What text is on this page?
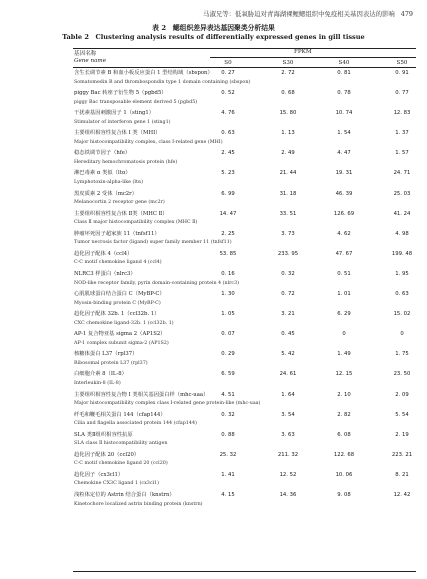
马淑兄等：低氧胁迫对青海湖裸鲤鳃组织中免疫相关基因表达的影响 479
表 2　鳃组织差异表达基因聚类分析结果
Table 2　Clustering analysis results of differentially expressed genes in gill tissue
基因名称
Gene name
FPKM
S0	S30	S40	S50
含生长调节素 B 和血小板反应蛋白 1 型结构域（sbspon）
Somatomedin B and thrombospondin type 1 domain containing (sbspon)
0. 27	2. 72	0. 81	0. 91
piggy Bac 转座子衍生物 5（pgbd5）
piggy Bac transposable element derived 5 (pgbd5)
0. 52	0. 68	0. 78	0. 77
干扰素基因刺激因子 1（sting1）
Stimulator of interferon gene 1 (sting1)
4. 76	15. 80	10. 74	12. 83
主要组织相容性复合体 I 类（MHI）
Major histocompatibility complex, class I-related gene (MHI)
0. 63	1. 13	1. 54	1. 37
稳态铁调节因子（hfe）
Hereditary hemochromatosis protein (hfe)
2. 45	2. 49	4. 47	1. 57
淋巴毒素 α 类似（ltα）
Lymphotoxin-alpha-like (ltα)
5. 23	21. 44	19. 31	24. 71
黑皮质素 2 受体（mc2r）
Melanocortin 2 receptor gene (mc2r)
6. 99	31. 18	46. 39	25. 03
主要组织相容性复合体 Ⅱ类（MHC Ⅱ）
Class Ⅱ major histocompatibility complex (MHC Ⅱ)
14. 47	33. 51	126. 69	41. 24
肿瘤坏死因子超家族 11（tnfsf11）
Tumor necrosis factor (ligand) super family member 11 (tnfsf11)
2. 25	3. 73	4. 62	4. 98
趋化因子配体 4（ccl4）
C-C motif chemokine ligand 4 (ccl4)
53. 85	233. 95	47. 67	199. 48
NLRC3 样蛋白（nlrc3）
NOD-like receptor family, pyrin domain-containing protein 4 (nlrc3)
0. 16	0. 32	0. 51	1. 95
心肌肌球蛋白结合蛋白 C（MyBP-C）
Myosin-binding protein C (MyBP-C)
1. 30	0. 72	1. 01	0. 63
趋化因子配体 32b. 1（ccl32b. 1）
CXC chemokine ligand-32b. 1 (ccl32b. 1)
1. 05	3. 21	6. 29	15. 02
AP-1 复合物亚基 sigma 2（AP1S2）
AP-1 complex subunit sigma-2 (AP1S2)
0. 07	0. 45	0	0
核糖体蛋白 L37（rpl37）
Ribosomal protein L37 (rpl37)
0. 29	5. 42	1. 49	1. 75
白细胞介素 8（IL-8）
Interleukin-8 (IL-8)
6. 59	24. 61	12. 15	23. 50
主要组织相容性复合物 I 类相关基因蛋白样（mhc-uaa）
Major histocompatibility complex class I-related gene protein-like (mhc-uaa)
4. 51	1. 64	2. 10	2. 09
纤毛和鞭毛相关蛋白 144（cfap144）
Cilia and flagella associated protein 144 (cfap144)
0. 32	3. 54	2. 82	5. 54
SLA 类Ⅱ组织相容性抗原
SLA class Ⅱ histocompatibility antigen
0. 88	3. 63	6. 08	2. 19
趋化因子配体 20（ccl20）
C-C motif chemokine ligand 20 (ccl20)
25. 32	211. 32	122. 68	223. 21
趋化因子（cx3cl1）
Chemokine CX3C ligand 1 (cx3cl1)
1. 41	12. 52	10. 06	8. 21
浅粒体定位的 Astrin 结合蛋白（knstrn）
Kinetochore localized astrin binding protein (knstrn)
4. 15	14. 36	9. 08	12. 42
